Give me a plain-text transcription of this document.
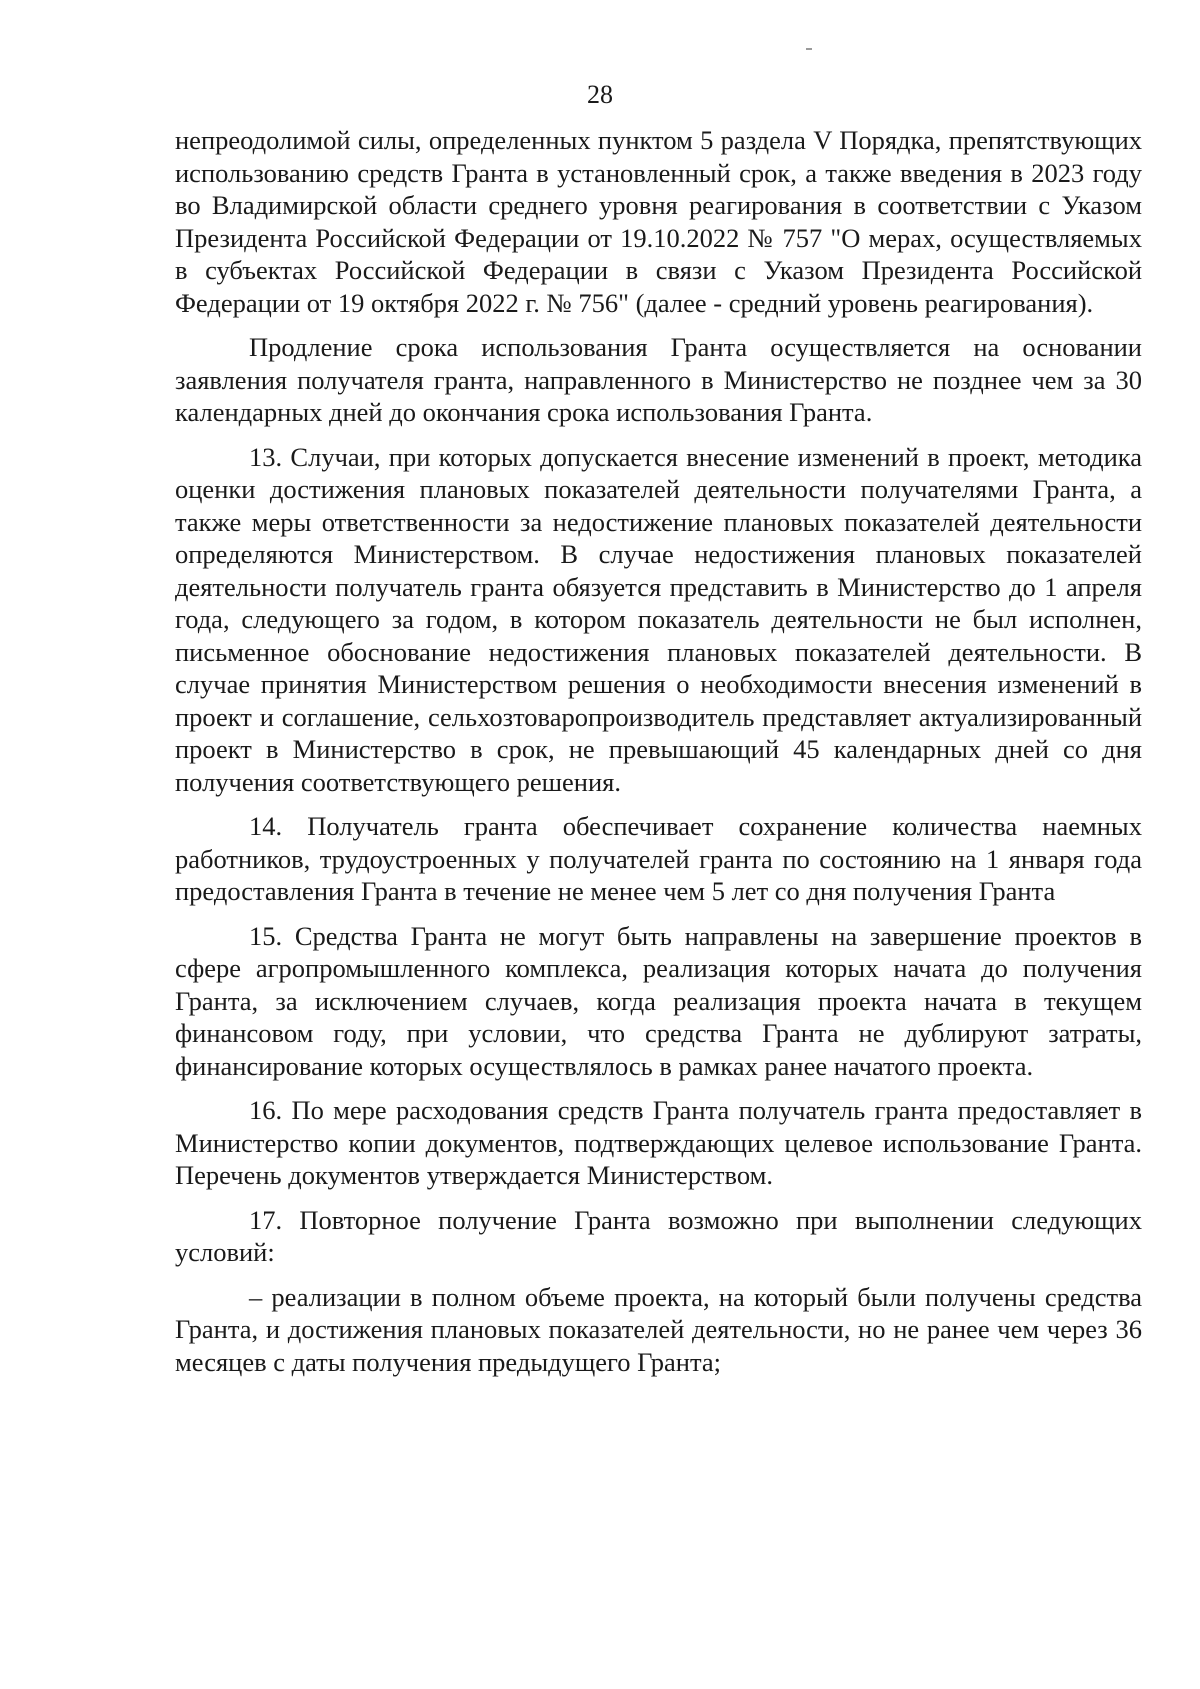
28

непреодолимой силы, определенных пунктом 5 раздела V Порядка, препятствующих использованию средств Гранта в установленный срок, а также введения в 2023 году во Владимирской области среднего уровня реагирования в соответствии с Указом Президента Российской Федерации от 19.10.2022 № 757 "О мерах, осуществляемых в субъектах Российской Федерации в связи с Указом Президента Российской Федерации от 19 октября 2022 г. № 756" (далее - средний уровень реагирования).

Продление срока использования Гранта осуществляется на основании заявления получателя гранта, направленного в Министерство не позднее чем за 30 календарных дней до окончания срока использования Гранта.

13. Случаи, при которых допускается внесение изменений в проект, методика оценки достижения плановых показателей деятельности получателями Гранта, а также меры ответственности за недостижение плановых показателей деятельности определяются Министерством. В случае недостижения плановых показателей деятельности получатель гранта обязуется представить в Министерство до 1 апреля года, следующего за годом, в котором показатель деятельности не был исполнен, письменное обоснование недостижения плановых показателей деятельности. В случае принятия Министерством решения о необходимости внесения изменений в проект и соглашение, сельхозтоваропроизводитель представляет актуализированный проект в Министерство в срок, не превышающий 45 календарных дней со дня получения соответствующего решения.

14. Получатель гранта обеспечивает сохранение количества наемных работников, трудоустроенных у получателей гранта по состоянию на 1 января года предоставления Гранта в течение не менее чем 5 лет со дня получения Гранта

15. Средства Гранта не могут быть направлены на завершение проектов в сфере агропромышленного комплекса, реализация которых начата до получения Гранта, за исключением случаев, когда реализация проекта начата в текущем финансовом году, при условии, что средства Гранта не дублируют затраты, финансирование которых осуществлялось в рамках ранее начатого проекта.

16. По мере расходования средств Гранта получатель гранта предоставляет в Министерство копии документов, подтверждающих целевое использование Гранта. Перечень документов утверждается Министерством.

17. Повторное получение Гранта возможно при выполнении следующих условий:

– реализации в полном объеме проекта, на который были получены средства Гранта, и достижения плановых показателей деятельности, но не ранее чем через 36 месяцев с даты получения предыдущего Гранта;
